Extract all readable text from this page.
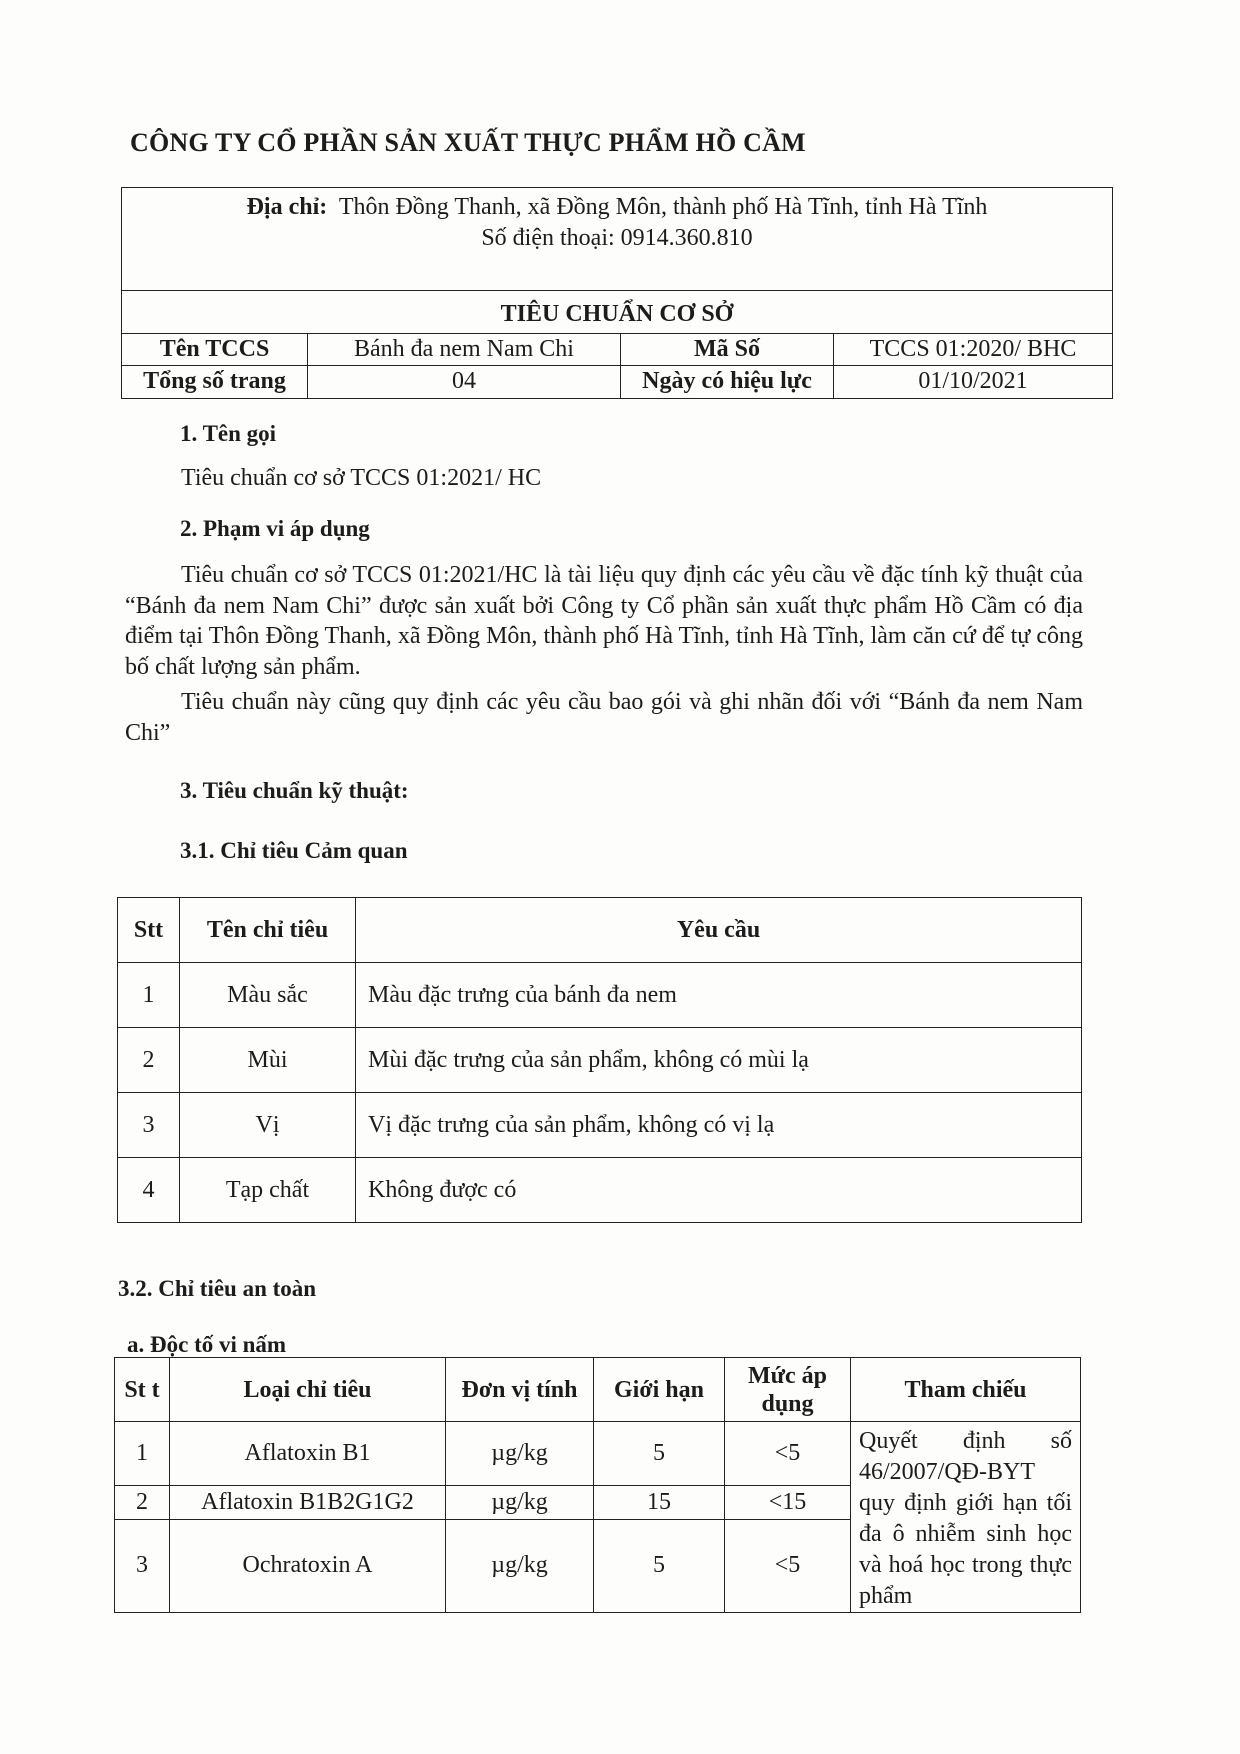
CÔNG TY CỔ PHẦN SẢN XUẤT THỰC PHẨM HỒ CẦM
Địa chỉ: Thôn Đồng Thanh, xã Đồng Môn, thành phố Hà Tĩnh, tỉnh Hà Tĩnh
Số điện thoại: 0914.360.810
TIÊU CHUẨN CƠ SỞ
Tên TCCS	Bánh đa nem Nam Chi	Mã Số	TCCS 01:2020/ BHC
Tổng số trang	04	Ngày có hiệu lực	01/10/2021
1. Tên gọi
Tiêu chuẩn cơ sở TCCS 01:2021/ HC
2. Phạm vi áp dụng
Tiêu chuẩn cơ sở TCCS 01:2021/HC là tài liệu quy định các yêu cầu về đặc tính kỹ thuật của “Bánh đa nem Nam Chi” được sản xuất bởi Công ty Cổ phần sản xuất thực phẩm Hồ Cầm có địa điểm tại Thôn Đồng Thanh, xã Đồng Môn, thành phố Hà Tĩnh, tỉnh Hà Tĩnh, làm căn cứ để tự công bố chất lượng sản phẩm.
Tiêu chuẩn này cũng quy định các yêu cầu bao gói và ghi nhãn đối với “Bánh đa nem Nam Chi”
3. Tiêu chuẩn kỹ thuật:
3.1. Chỉ tiêu Cảm quan
Stt	Tên chỉ tiêu	Yêu cầu
1	Màu sắc	Màu đặc trưng của bánh đa nem
2	Mùi	Mùi đặc trưng của sản phẩm, không có mùi lạ
3	Vị	Vị đặc trưng của sản phẩm, không có vị lạ
4	Tạp chất	Không được có
3.2. Chỉ tiêu an toàn
a. Độc tố vi nấm
St t	Loại chỉ tiêu	Đơn vị tính	Giới hạn	Mức áp dụng	Tham chiếu
1	Aflatoxin B1	µg/kg	5	<5	Quyết định số 46/2007/QĐ-BYT quy định giới hạn tối đa ô nhiễm sinh học và hoá học trong thực phẩm
2	Aflatoxin B1B2G1G2	µg/kg	15	<15	
3	Ochratoxin A	µg/kg	5	<5	
